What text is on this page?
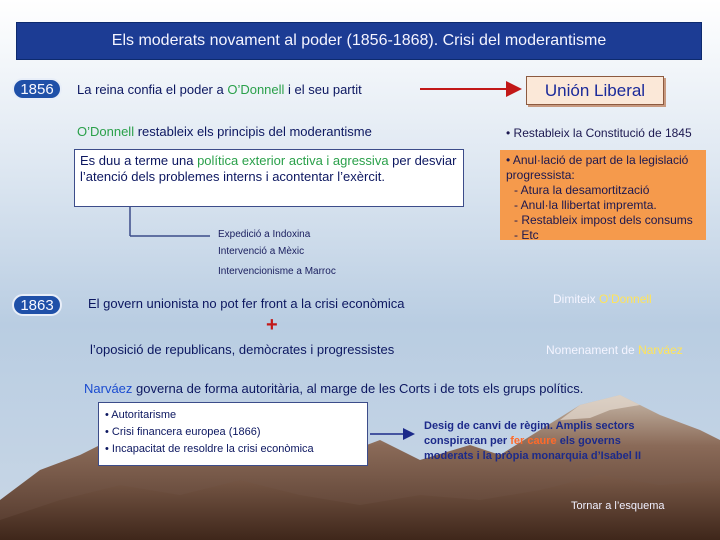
Els moderats novament al poder (1856-1868). Crisi del moderantisme
1856 La reina confia el poder a O’Donnell i el seu partit	Unión Liberal
O’Donnell restableix els principis del moderantisme	• Restableix la Constitució de 1845
Es duu a terme una política exterior activa i agressiva per desviar l’atenció dels problemes interns i acontentar l’exèrcit.
Expedició a Indoxina
Intervenció a Mèxic
Intervencionisme a Marroc
• Anul·lació de part de la legislació progressista:
- Atura la desamortització
- Anul·la llibertat impremta.
- Restableix impost dels consums
- Etc
1863	El govern unionista no pot fer front a la crisi econòmica
+
l’oposició de republicans, demòcrates i progressistes
Dimiteix O’Donnell
Nomenament de Narváez
Narváez governa de forma autoritària, al marge de les Corts i de tots els grups polítics.
• Autoritarisme
• Crisi financera europea (1866)
• Incapacitat de resoldre la crisi econòmica
Desig de canvi de règim. Amplis sectors
conspiraran per fer caure els governs
moderats i la pròpia monarquia d’Isabel II
Tornar a l’esquema
